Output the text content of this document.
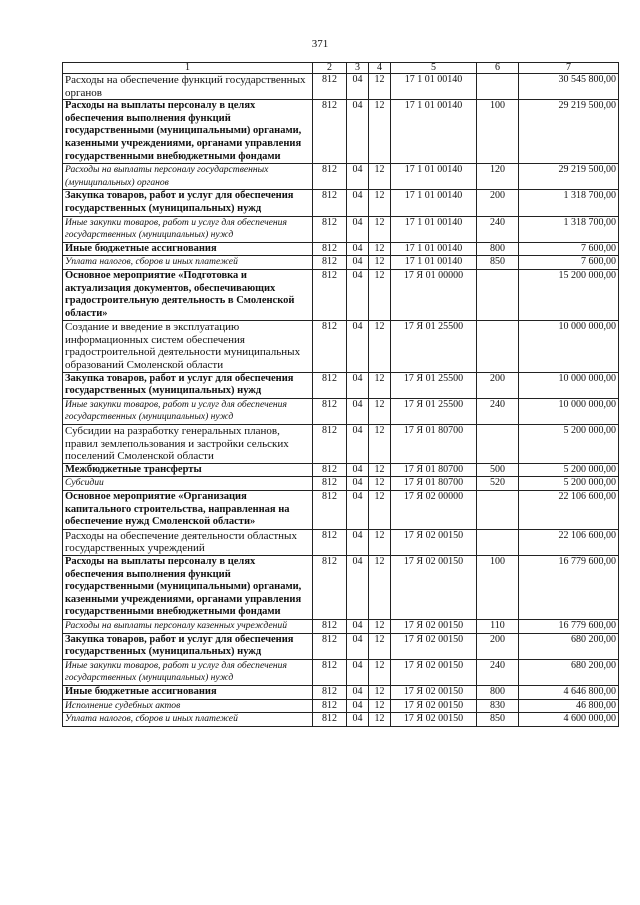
371
1	2	3	4	5	6	7
Расходы на обеспечение функций государственных органов	812	04	12	17 1 01 00140		30 545 800,00
Расходы на выплаты персоналу в целях обеспечения выполнения функций государственными (муниципальными) органами, казенными учреждениями, органами управления государственными внебюджетными фондами	812	04	12	17 1 01 00140	100	29 219 500,00
Расходы на выплаты персоналу государственных (муниципальных) органов	812	04	12	17 1 01 00140	120	29 219 500,00
Закупка товаров, работ и услуг для обеспечения государственных (муниципальных) нужд	812	04	12	17 1 01 00140	200	1 318 700,00
Иные закупки товаров, работ и услуг для обеспечения государственных (муниципальных) нужд	812	04	12	17 1 01 00140	240	1 318 700,00
Иные бюджетные ассигнования	812	04	12	17 1 01 00140	800	7 600,00
Уплата налогов, сборов и иных платежей	812	04	12	17 1 01 00140	850	7 600,00
Основное мероприятие «Подготовка и актуализация документов, обеспечивающих градостроительную деятельность в Смоленской области»	812	04	12	17 Я 01 00000		15 200 000,00
Создание и введение в эксплуатацию информационных систем обеспечения градостроительной деятельности муниципальных образований Смоленской области	812	04	12	17 Я 01 25500		10 000 000,00
Закупка товаров, работ и услуг для обеспечения государственных (муниципальных) нужд	812	04	12	17 Я 01 25500	200	10 000 000,00
Иные закупки товаров, работ и услуг для обеспечения государственных (муниципальных) нужд	812	04	12	17 Я 01 25500	240	10 000 000,00
Субсидии на разработку генеральных планов, правил землепользования и застройки сельских поселений Смоленской области	812	04	12	17 Я 01 80700		5 200 000,00
Межбюджетные трансферты	812	04	12	17 Я 01 80700	500	5 200 000,00
Субсидии	812	04	12	17 Я 01 80700	520	5 200 000,00
Основное мероприятие «Организация капитального строительства, направленная на обеспечение нужд Смоленской области»	812	04	12	17 Я 02 00000		22 106 600,00
Расходы на обеспечение деятельности областных государственных учреждений	812	04	12	17 Я 02 00150		22 106 600,00
Расходы на выплаты персоналу в целях обеспечения выполнения функций государственными (муниципальными) органами, казенными учреждениями, органами управления государственными внебюджетными фондами	812	04	12	17 Я 02 00150	100	16 779 600,00
Расходы на выплаты персоналу казенных учреждений	812	04	12	17 Я 02 00150	110	16 779 600,00
Закупка товаров, работ и услуг для обеспечения государственных (муниципальных) нужд	812	04	12	17 Я 02 00150	200	680 200,00
Иные закупки товаров, работ и услуг для обеспечения государственных (муниципальных) нужд	812	04	12	17 Я 02 00150	240	680 200,00
Иные бюджетные ассигнования	812	04	12	17 Я 02 00150	800	4 646 800,00
Исполнение судебных актов	812	04	12	17 Я 02 00150	830	46 800,00
Уплата налогов, сборов и иных платежей	812	04	12	17 Я 02 00150	850	4 600 000,00
